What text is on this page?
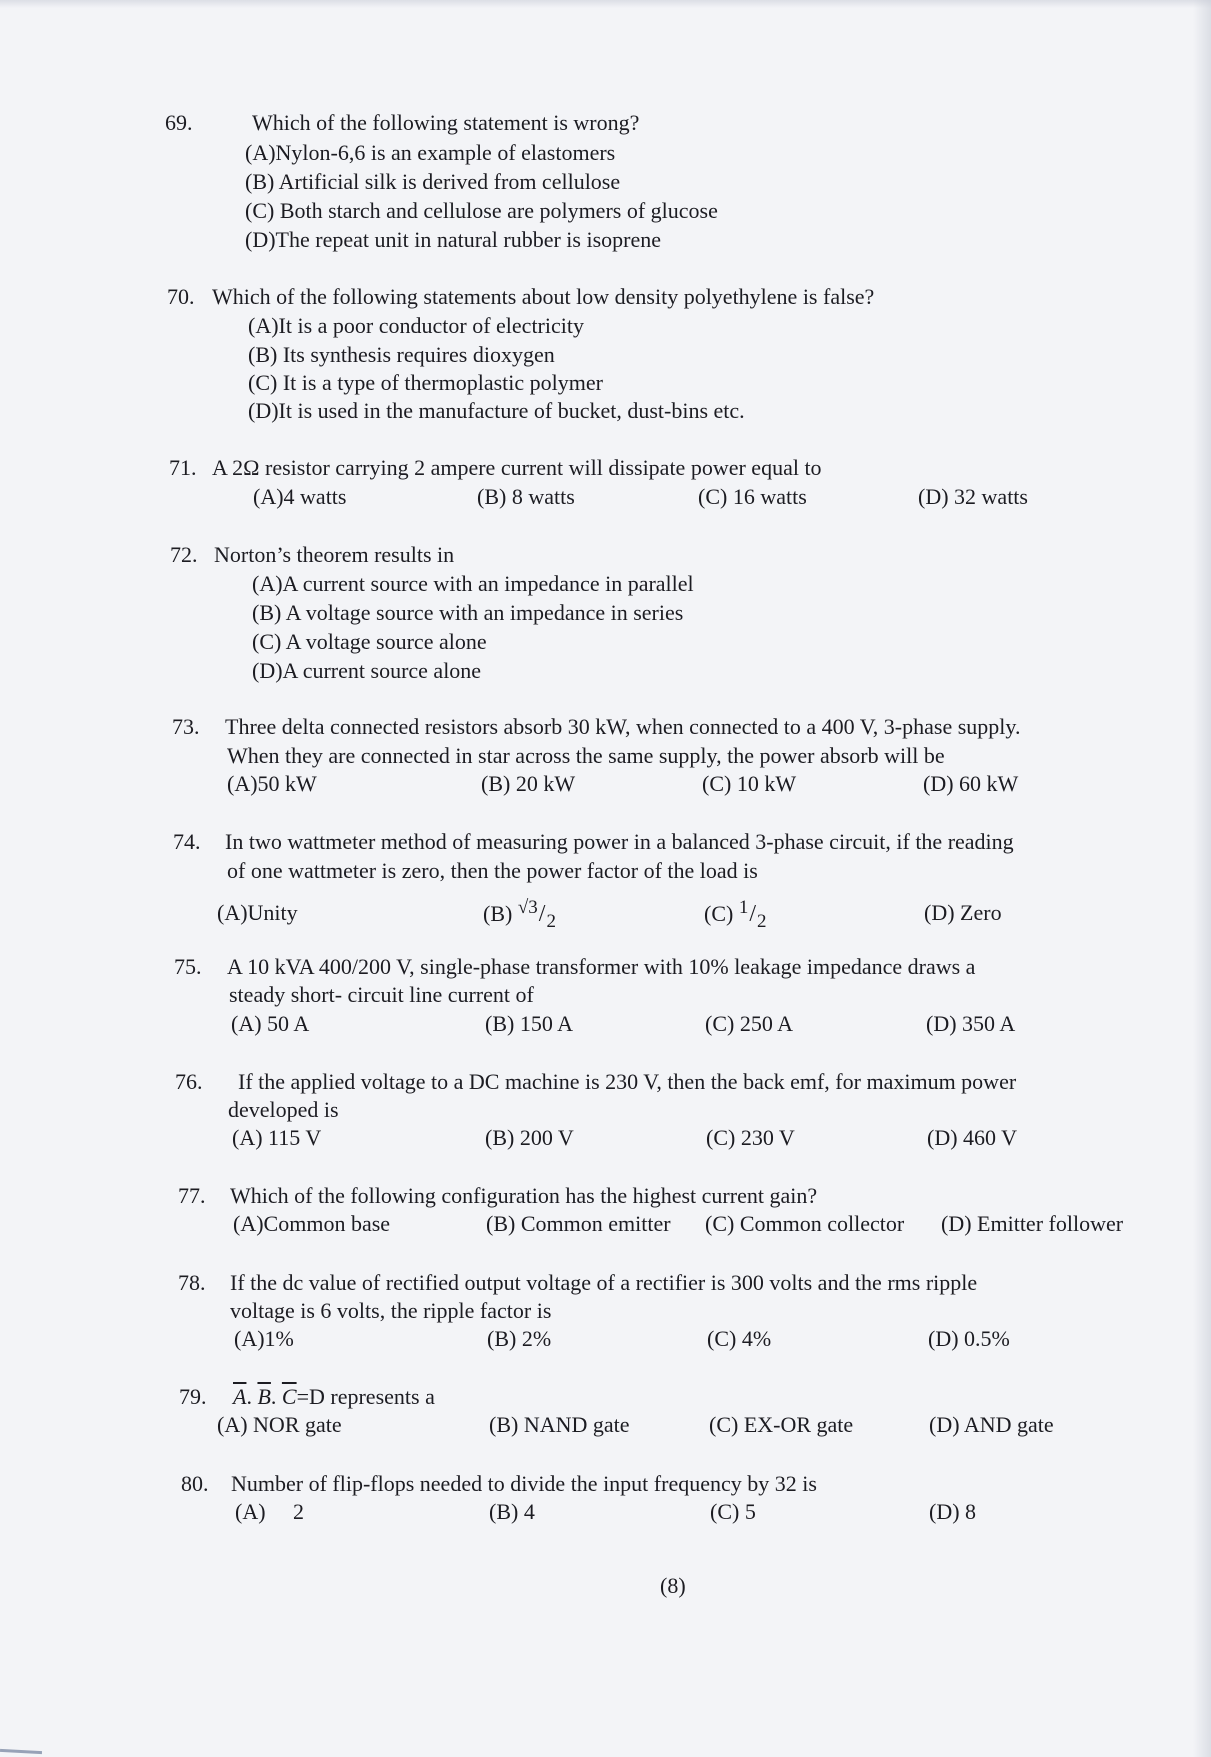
69.	Which of the following statement is wrong?
(A)Nylon-6,6 is an example of elastomers
(B) Artificial silk is derived from cellulose
(C) Both starch and cellulose are polymers of glucose
(D)The repeat unit in natural rubber is isoprene
70. Which of the following statements about low density polyethylene is false?
(A)It is a poor conductor of electricity
(B) Its synthesis requires dioxygen
(C) It is a type of thermoplastic polymer
(D)It is used in the manufacture of bucket, dust-bins etc.
71. A 2Ω resistor carrying 2 ampere current will dissipate power equal to
(A)4 watts	(B) 8 watts	(C) 16 watts	(D) 32 watts
72. Norton’s theorem results in
(A)A current source with an impedance in parallel
(B) A voltage source with an impedance in series
(C) A voltage source alone
(D)A current source alone
73. Three delta connected resistors absorb 30 kW, when connected to a 400 V, 3-phase supply.
When they are connected in star across the same supply, the power absorb will be
(A)50 kW	(B) 20 kW	(C) 10 kW	(D) 60 kW
74. In two wattmeter method of measuring power in a balanced 3-phase circuit, if the reading
of one wattmeter is zero, then the power factor of the load is
(A)Unity	(B) √3/2	(C) 1/2	(D) Zero
75. A 10 kVA 400/200 V, single-phase transformer with 10% leakage impedance draws a
steady short- circuit line current of
(A) 50 A	(B) 150 A	(C) 250 A	(D) 350 A
76. If the applied voltage to a DC machine is 230 V, then the back emf, for maximum power
developed is
(A) 115 V	(B) 200 V	(C) 230 V	(D) 460 V
77. Which of the following configuration has the highest current gain?
(A)Common base	(B) Common emitter (C) Common collector (D) Emitter follower
78. If the dc value of rectified output voltage of a rectifier is 300 volts and the rms ripple
voltage is 6 volts, the ripple factor is
(A)1%	(B) 2%	(C) 4%	(D) 0.5%
79. $\overline{A}$. $\overline{B}$. $\overline{C}=D$ represents a
(A) NOR gate	(B) NAND gate	(C) EX-OR gate	(D) AND gate
80. Number of flip-flops needed to divide the input frequency by 32 is
(A)     2	(B) 4	(C) 5	(D) 8
(8)
